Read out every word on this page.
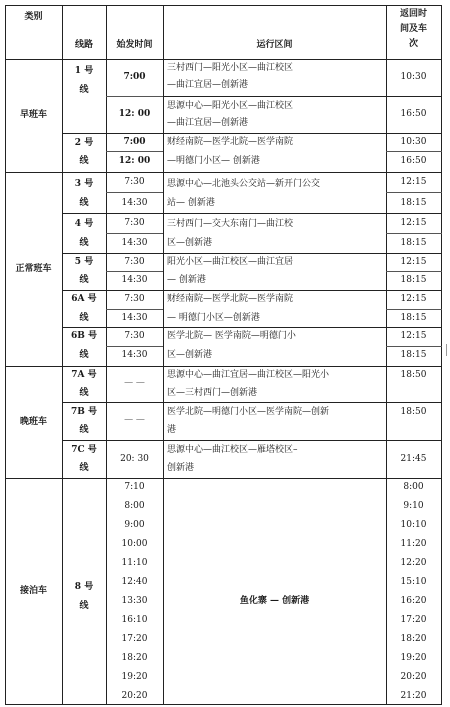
类别
线路	始发时间	运行区间
返回时
间及车
次
早班车
正常班车
晚班车
接泊车
1 号
线
7:00
12: 00
三村西门—阳光小区—曲江校区
—曲江宜居—创新港
思源中心—阳光小区—曲江校区
—曲江宜居—创新港
10:30
16:50
2 号
线
7:00
12: 00
财经南院—医学北院—医学南院
—明德门小区— 创新港
10:30
16:50
3 号
线
7:30
14:30
思源中心—北池头公交站—新开门公交
站— 创新港
12:15
18:15
4 号
线
7:30
14:30
三村西门—交大东南门—曲江校
区—创新港
12:15
18:15
5 号
线
7:30
14:30
阳光小区—曲江校区—曲江宜居
— 创新港
12:15
18:15
6A 号
线
7:30
14:30
财经南院—医学北院—医学南院
— 明德门小区—创新港
12:15
18:15
6B 号
线
7:30
14:30
医学北院— 医学南院—明德门小
区—创新港
12:15
18:15
7A 号
线
— —
思源中心—曲江宜居—曲江校区—阳光小
区—三村西门—创新港
18:50
7B 号
线
— —
医学北院—明德门小区—医学南院—创新
港
18:50
7C 号
线
20: 30
思源中心—曲江校区—雁塔校区–
创新港
21:45
8 号
线
7:10
8:00
9:00
10:00
11:10
12:40
13:30
16:10
17:20
18:20
19:20
20:20
鱼化寨 — 创新港
8:00
9:10
10:10
11:20
12:20
15:10
16:20
17:20
18:20
19:20
20:20
21:20
